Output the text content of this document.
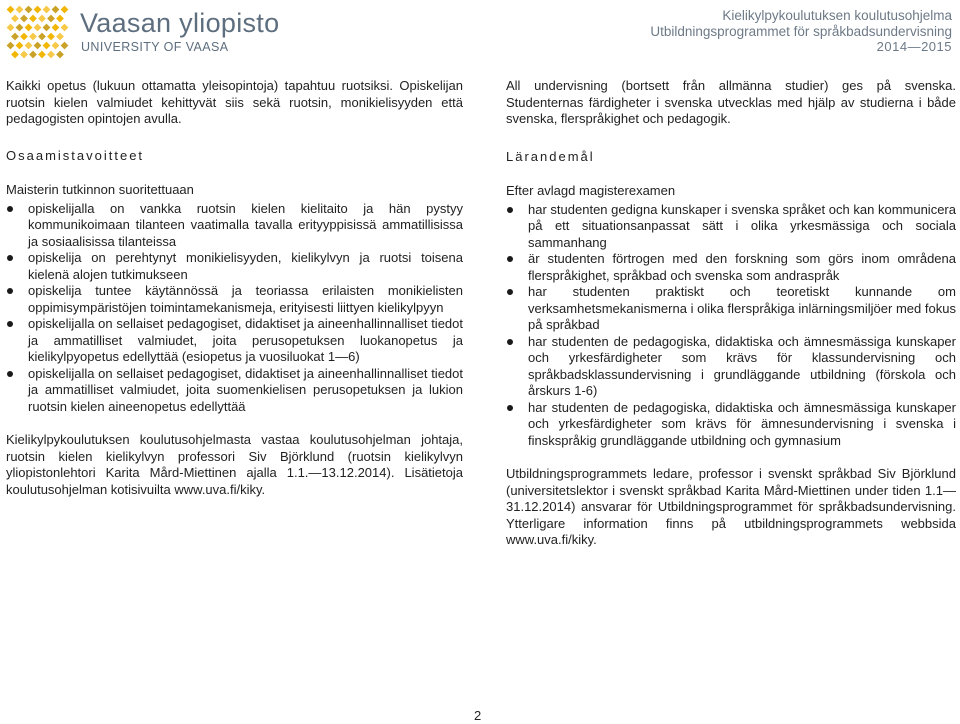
Vaasan yliopisto
UNIVERSITY OF VAASA
Kielikylpykoulutuksen koulutusohjelma
Utbildningsprogrammet för språkbadsundervisning
2014—2015

Kaikki opetus (lukuun ottamatta yleisopintoja) tapahtuu ruotsiksi. Opiskelijan ruotsin kielen valmiudet kehittyvät siis sekä ruotsin, monikielisyyden että pedagogisten opintojen avulla.

Osaamistavoitteet

Maisterin tutkinnon suoritettuaan

opiskelijalla on vankka ruotsin kielen kielitaito ja hän pystyy kommunikoimaan tilanteen vaatimalla tavalla erityyppisissä ammatillisissa ja sosiaalisissa tilanteissa
opiskelija on perehtynyt monikielisyyden, kielikylvyn ja ruotsi toisena kielenä alojen tutkimukseen
opiskelija tuntee käytännössä ja teoriassa erilaisten monikielisten oppimisympäristöjen toimintamekanismeja, erityisesti liittyen kielikylpyyn
opiskelijalla on sellaiset pedagogiset, didaktiset ja aineenhallinnalliset tiedot ja ammatilliset valmiudet, joita perusopetuksen luokanopetus ja kielikylpyopetus edellyttää (esiopetus ja vuosiluokat 1—6)
opiskelijalla on sellaiset pedagogiset, didaktiset ja aineenhallinnalliset tiedot ja ammatilliset valmiudet, joita suomenkielisen perusopetuksen ja lukion ruotsin kielen aineenopetus edellyttää

Kielikylpykoulutuksen koulutusohjelmasta vastaa koulutusohjelman johtaja, ruotsin kielen kielikylvyn professori Siv Björklund (ruotsin kielikylvyn yliopistonlehtori Karita Mård-Miettinen ajalla 1.1.—13.12.2014). Lisätietoja koulutusohjelman kotisivuilta www.uva.fi/kiky.

All undervisning (bortsett från allmänna studier) ges på svenska. Studenternas färdigheter i svenska utvecklas med hjälp av studierna i både svenska, flerspråkighet och pedagogik.

Lärandemål

Efter avlagd magisterexamen

har studenten gedigna kunskaper i svenska språket och kan kommunicera på ett situationsanpassat sätt i olika yrkesmässiga och sociala sammanhang
är studenten förtrogen med den forskning som görs inom områdena flerspråkighet, språkbad och svenska som andraspråk
har studenten praktiskt och teoretiskt kunnande om verksamhetsmekanismerna i olika flerspråkiga inlärningsmiljöer med fokus på språkbad
har studenten de pedagogiska, didaktiska och ämnesmässiga kunskaper och yrkesfärdigheter som krävs för klassundervisning och språkbadsklassundervisning i grundläggande utbildning (förskola och årskurs 1-6)
har studenten de pedagogiska, didaktiska och ämnesmässiga kunskaper och yrkesfärdigheter som krävs för ämnesundervisning i svenska i finskspråkig grundläggande utbildning och gymnasium

Utbildningsprogrammets ledare, professor i svenskt språkbad Siv Björklund (universitetslektor i svenskt språkbad Karita Mård-Miettinen under tiden 1.1—31.12.2014) ansvarar för Utbildningsprogrammet för språkbadsundervisning. Ytterligare information finns på utbildningsprogrammets webbsida www.uva.fi/kiky.

2
